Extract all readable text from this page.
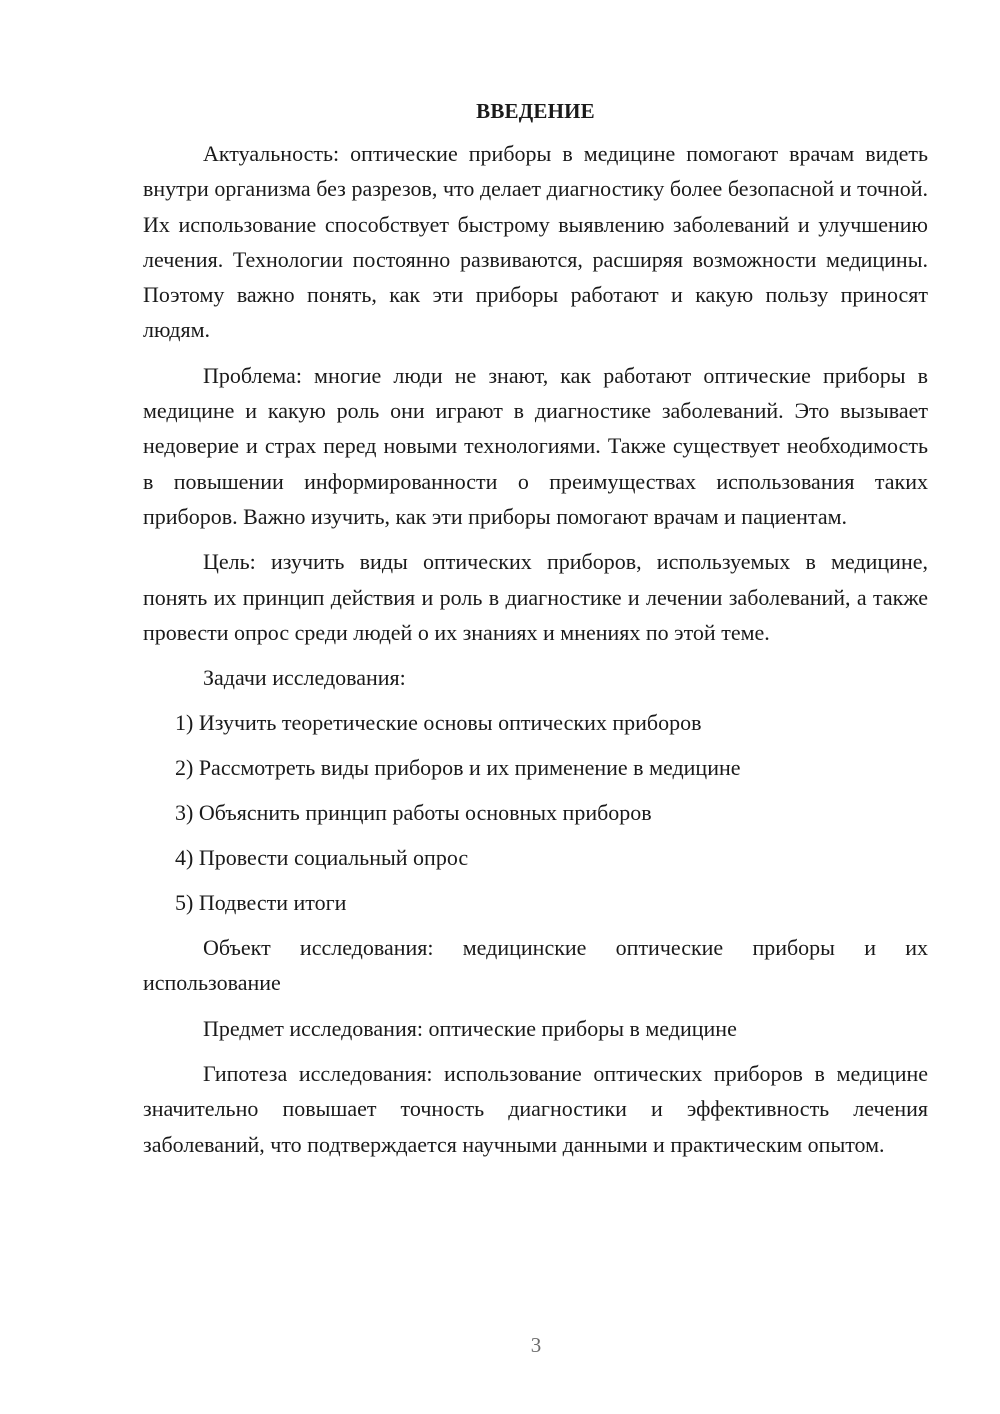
ВВЕДЕНИЕ

Актуальность: оптические приборы в медицине помогают врачам видеть внутри организма без разрезов, что делает диагностику более безопасной и точной. Их использование способствует быстрому выявлению заболеваний и улучшению лечения. Технологии постоянно развиваются, расширяя возможности медицины. Поэтому важно понять, как эти приборы работают и какую пользу приносят людям.

Проблема: многие люди не знают, как работают оптические приборы в медицине и какую роль они играют в диагностике заболеваний. Это вызывает недоверие и страх перед новыми технологиями. Также существует необходимость в повышении информированности о преимуществах использования таких приборов. Важно изучить, как эти приборы помогают врачам и пациентам.

Цель: изучить виды оптических приборов, используемых в медицине, понять их принцип действия и роль в диагностике и лечении заболеваний, а также провести опрос среди людей о их знаниях и мнениях по этой теме.

Задачи исследования:

1) Изучить теоретические основы оптических приборов
2) Рассмотреть виды приборов и их применение в медицине
3) Объяснить принцип работы основных приборов
4) Провести социальный опрос
5) Подвести итоги

Объект исследования: медицинские оптические приборы и их использование

Предмет исследования: оптические приборы в медицине

Гипотеза исследования: использование оптических приборов в медицине значительно повышает точность диагностики и эффективность лечения заболеваний, что подтверждается научными данными и практическим опытом.

3
